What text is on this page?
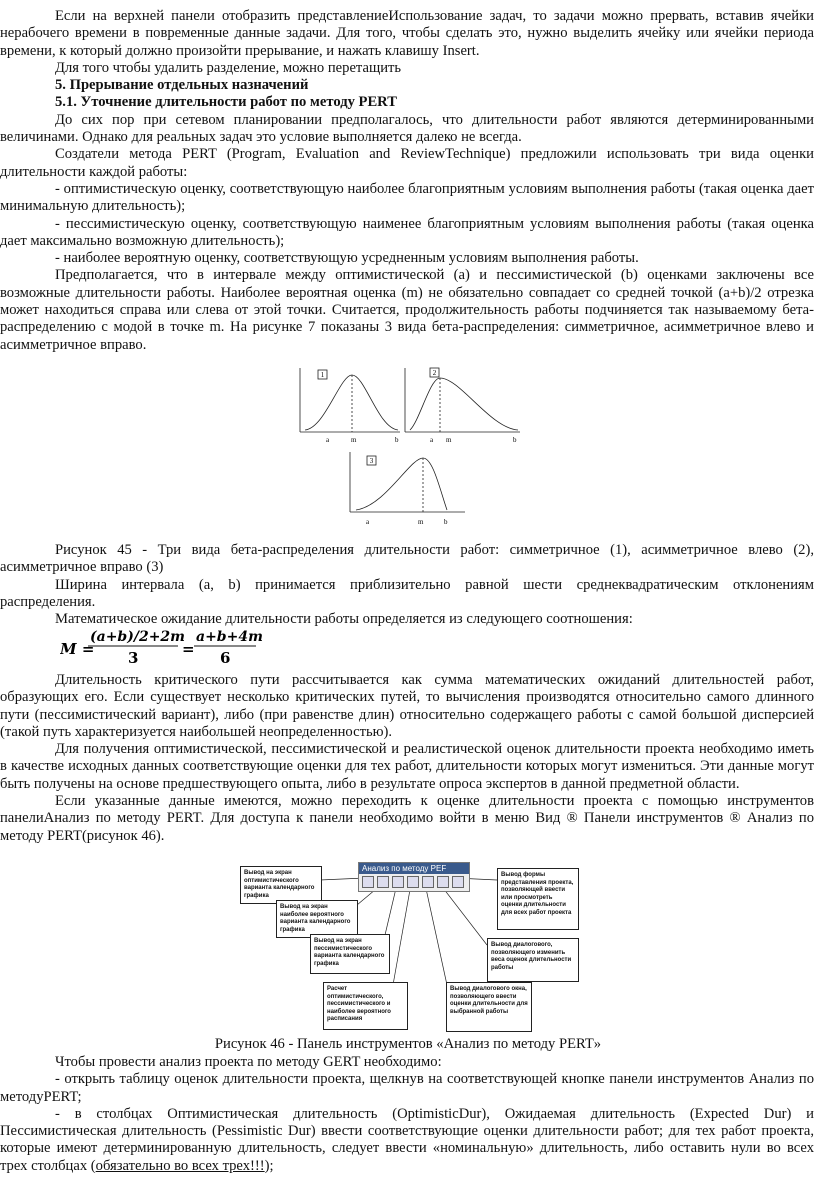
Если на верхней панели отобразить представлениеИспользование задач, то задачи можно прервать, вставив ячейки нерабочего времени в повременные данные задачи. Для того, чтобы сделать это, нужно выделить ячейку или ячейки периода времени, к который должно произойти прерывание, и нажать клавишу Insert.

Для того чтобы удалить разделение, можно перетащить

5. Прерывание отдельных назначений

5.1. Уточнение длительности работ по методу PERT

До сих пор при сетевом планировании предполагалось, что длительности работ являются детерминированными величинами. Однако для реальных задач это условие выполняется далеко не всегда.

Создатели метода PERT (Program, Evaluation and ReviewTechnique) предложили использовать три вида оценки длительности каждой работы:

- оптимистическую оценку, соответствующую наиболее благоприятным условиям выполнения работы (такая оценка дает минимальную длительность);

- пессимистическую оценку, соответствующую наименее благоприятным условиям выполнения работы (такая оценка дает максимально возможную длительность);

- наиболее вероятную оценку, соответствующую усредненным условиям выполнения работы.

Предполагается, что в интервале между оптимистической (a) и пессимистической (b) оценками заключены все возможные длительности работы. Наиболее вероятная оценка (m) не обязательно совпадает со средней точкой (a+b)/2 отрезка может находиться справа или слева от этой точки. Считается, продолжительность работы подчиняется так называемому бета-распределению с модой в точке m. На рисунке 7 показаны 3 вида бета-распределения: симметричное, асимметричное влево и асимметричное вправо.

1
a	m	b
2
a m	b
3
a	m	b

Рисунок 45 - Три вида бета-распределения длительности работ: симметричное (1), асимметричное влево (2), асимметричное вправо (3)

Ширина интервала (a, b) принимается приблизительно равной шести среднеквадратическим отклонениям распределения.

Математическое ожидание длительности работы определяется из следующего соотношения:

M =
(a+b)/2+2m
3	=
a+b+4m
6

Длительность критического пути рассчитывается как сумма математических ожиданий длительностей работ, образующих его. Если существует несколько критических путей, то вычисления производятся относительно самого длинного пути (пессимистический вариант), либо (при равенстве длин) относительно содержащего работы с самой большой дисперсией (такой путь характеризуется наибольшей неопределенностью).

Для получения оптимистической, пессимистической и реалистической оценок длительности проекта необходимо иметь в качестве исходных данных соответствующие оценки для тех работ, длительности которых могут измениться. Эти данные могут быть получены на основе предшествующего опыта, либо в результате опроса экспертов в данной предметной области.

Если указанные данные имеются, можно переходить к оценке длительности проекта с помощью инструментов панелиАнализ по методу PERT. Для доступа к панели необходимо войти в меню Вид ® Панели инструментов ® Анализ по методу PERT(рисунок 46).

Анализ по методу PEF
Вывод на экран оптимистического варианта календарного графика
Вывод на экран наиболее вероятного варианта календарного графика
Вывод на экран пессимистического варианта календарного графика
Расчет оптимистического, пессимистического и наиболее вероятного расписания
Вывод формы представления проекта, позволяющей ввести или просмотреть оценки длительности для всех работ проекта
Вывод диалогового, позволяющего изменить веса оценок длительности работы
Вывод диалогового окна, позволяющего ввести оценки длительности для выбранной работы
Рисунок 46 - Панель инструментов «Анализ по методу PERT»

Чтобы провести анализ проекта по методу GERT необходимо:

- открыть таблицу оценок длительности проекта, щелкнув на соответствующей кнопке панели инструментов Анализ по методуPERT;

- в столбцах Оптимистическая длительность (OptimisticDur), Ожидаемая длительность (Expected Dur) и Пессимистическая длительность (Pessimistic Dur) ввести соответствующие оценки длительности работ; для тех работ проекта, которые имеют детерминированную длительность, следует ввести «номинальную» длительность, либо оставить нули во всех трех столбцах (обязательно во всех трех!!!);
